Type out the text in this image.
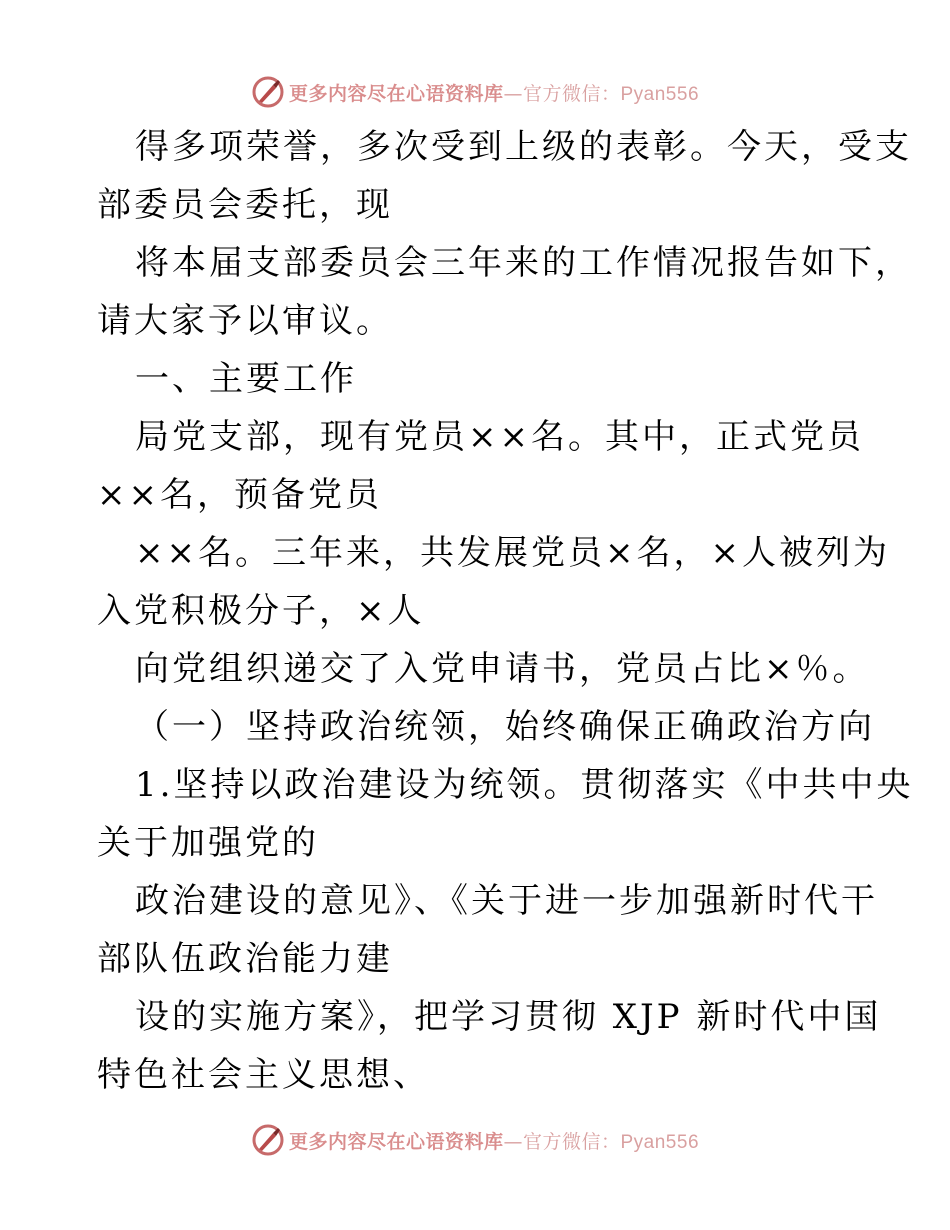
更多内容尽在心语资料库—官方微信：Pyan556
得多项荣誉，多次受到上级的表彰。今天，受支
部委员会委托，现
将本届支部委员会三年来的工作情况报告如下，
请大家予以审议。
一、主要工作
局党支部，现有党员××名。其中，正式党员
××名，预备党员
××名。三年来，共发展党员×名，×人被列为
入党积极分子，×人
向党组织递交了入党申请书，党员占比×％。
（一）坚持政治统领，始终确保正确政治方向
1.坚持以政治建设为统领。贯彻落实《中共中央
关于加强党的
政治建设的意见》、《关于进一步加强新时代干
部队伍政治能力建
设的实施方案》，把学习贯彻 XJP 新时代中国
特色社会主义思想、
更多内容尽在心语资料库—官方微信：Pyan556
